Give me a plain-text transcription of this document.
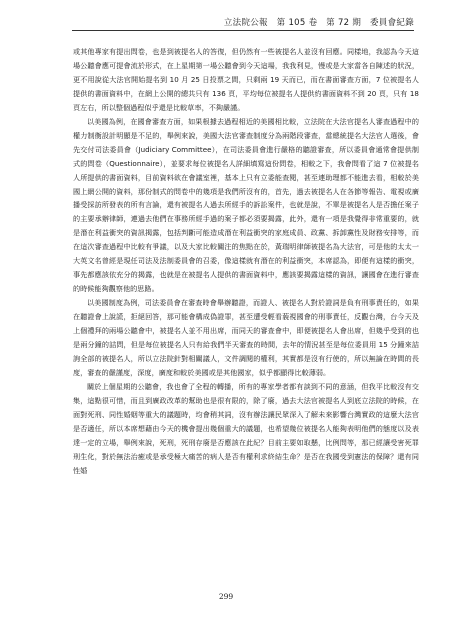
立法院公報　第 105 卷　第 72 期　委員會紀錄

或其他專家有提出問卷，也是到被提名人的答復，但仍然有一些被提名人並沒有回應。同樣地，我認為今天這場公聽會應可提會流於形式，在上星期第一場公聽會到今天這場，我我利見，慢或是大家當各自陳述的狀況，更不用說從大法官開始提名到 10 月 25 日投票之間，只剩兩 19 天而已，而在書面審查方面，7 位被提名人提供的書面資料中，在網上公開的總共只有 136 頁，平均每位被提名人提供約書面資料不到 20 頁，只有 18 頁左右，所以整個過程似乎還是比較草率，不夠嚴謹。

以美國為例，在國會審查方面，如果根據去過程相近的美國相比較，立法院在大法官提名人審查過程中的權力制衡設計明顯是不足的，舉例來說，美國大法官審查制度分為兩階段審查，當總統提名大法官人選後，會先交付司法委員會（Judiciary Committee），在司法委員會進行嚴格的聽證審查，所以委員會通常會提供制式的問卷（Questionnaire），並要求每位被提名人詳細填寫這份問卷，相較之下，我會問看了這 7 位被提名人所提供的書面資料，目前資料欲在會議室裡，基本上只有立委能查閱，甚至連助理都不能進去看，相較於美國上網公開的資料，那份制式的問卷中的幾項是我們所沒有的，首先，過去被提名人在各節等報告、電視或廣播受採訪所發表的所有言論，還有被提名人過去所經手的訴訟案件，也就是說，不單是被提名人是否擔任案子的主要承辦律師，連過去他們在事務所經手過的案子都必須要揭露，此外，還有一項是我覺得非常重要的，就是潛在利益衝突的資訊揭露，包括判斷可能造成潛在利益衝突的家庭成員、政黨、拆卸黨性及財務安排等，而在這次審查過程中比較有爭議，以及大家比較關注的焦點在於，黃瑞明律師被提名為大法官，可是他的太太一大英文名曾經是現任司法及法制委員會的召委，像這樣就有潛在的利益衝突，本席認為，即便有這樣的衝突，事先都應該依充分的揭露，也就是在被提名人提供的書面資料中，應該要揭露這樣的資訊，讓國會在進行審查的時候能夠觀察他的思路。

以美國制度為例，司法委員會在審查時會舉辦聽證，而證人、被提名人對於證詞是負有刑事責任的，如果在聽證會上說謊，拒絕回答，那可能會構成偽證罪，甚至遭受輕看藐視國會的刑事責任，反觀台灣，台今天及上個禮拜的兩場公聽會中，被提名人並不用出席，而同天的審查會中，即便被提名人會出席，但幾乎受到的也是兩分鐘的詰問，但是每位被提名人只有給我們半天審查的時間，去年的情況甚至是每位委員用 15 分鐘來詰詢全部的被提名人，所以立法院針對相關議人，文件調閱的權利，其實都是沒有行使的，所以無論在時間的長度，審查的嚴謹度，深度，廣度和較於美國或是其他國家，似乎都顯得比較薄弱。

關於上個星期的公聽會，我也會了全程的轉播，所有的專家學者都有談到不同的意涵，但我平比較沒有交集，這點很可惜，而且到廣政改革的幫助也是很有限的，除了廢，過去大法官被提名人到底立法院的時候，在面對死刑、同性婚姻等重大的議題時，均會稍其詞，沒有辦法讓民眾深入了解未來影響台灣實政的這麼大法官是否適任，所以本席想藉由今天的機會提出幾個重大的議題，也希望幾位被提名人能夠表明他們的態度以及表達一定的立場，舉例來說，死刑，死刑存廢是否應該在此紀？目前主要如取懸，比例問等，那已經讓受害死罪刑生化，對於無法治癒或是承受極大痛苦的病人是否有權利求終結生命？是否在我國受到憲法的保障？還有同性婚

299
